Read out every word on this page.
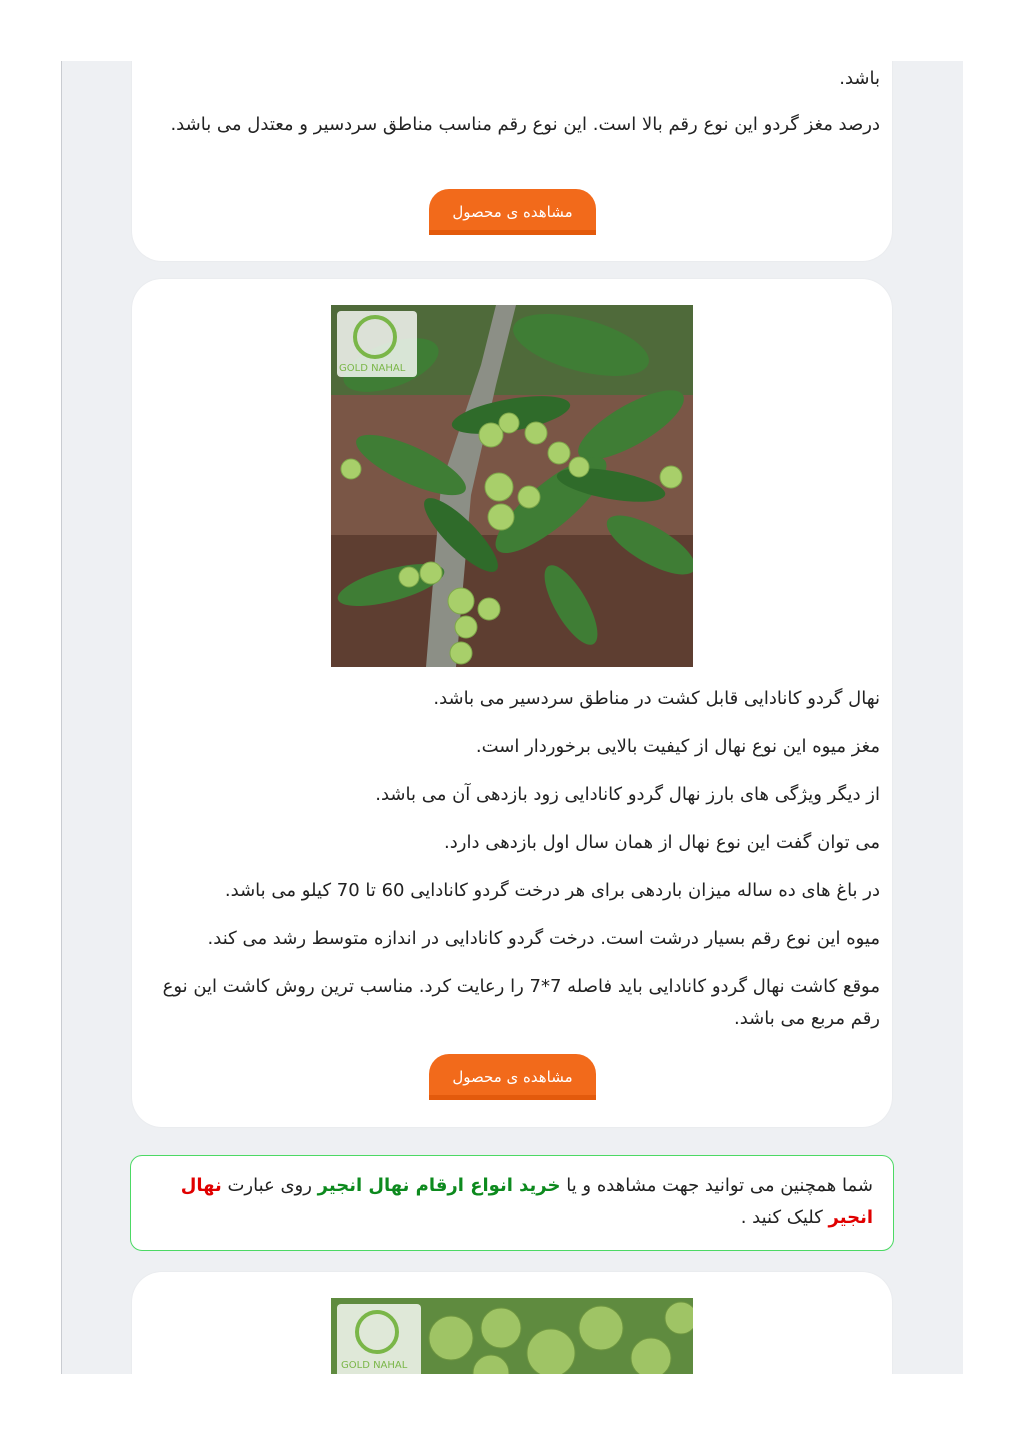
باشد.

درصد مغز گردو این نوع رقم بالا است. این نوع رقم مناسب مناطق سردسیر و معتدل می باشد.

مشاهده ی محصول
GOLD NAHAL

نهال گردو کانادایی قابل کشت در مناطق سردسیر می باشد.

مغز میوه این نوع نهال از کیفیت بالایی برخوردار است.

از دیگر ویژگی های بارز نهال گردو کانادایی زود بازدهی آن می باشد.

می توان گفت این نوع نهال از همان سال اول بازدهی دارد.

در باغ های ده ساله میزان باردهی برای هر درخت گردو کانادایی 60 تا 70 کیلو می باشد.

میوه این نوع رقم بسیار درشت است. درخت گردو کانادایی در اندازه متوسط رشد می کند.

موقع کاشت نهال گردو کانادایی باید فاصله 7*7 را رعایت کرد. مناسب ترین روش کاشت این نوع رقم مربع می باشد.

مشاهده ی محصول

شما همچنین می توانید جهت مشاهده و یا خرید انواع ارقام نهال انجیر روی عبارت نهال انجیر کلیک کنید .

GOLD NAHAL
